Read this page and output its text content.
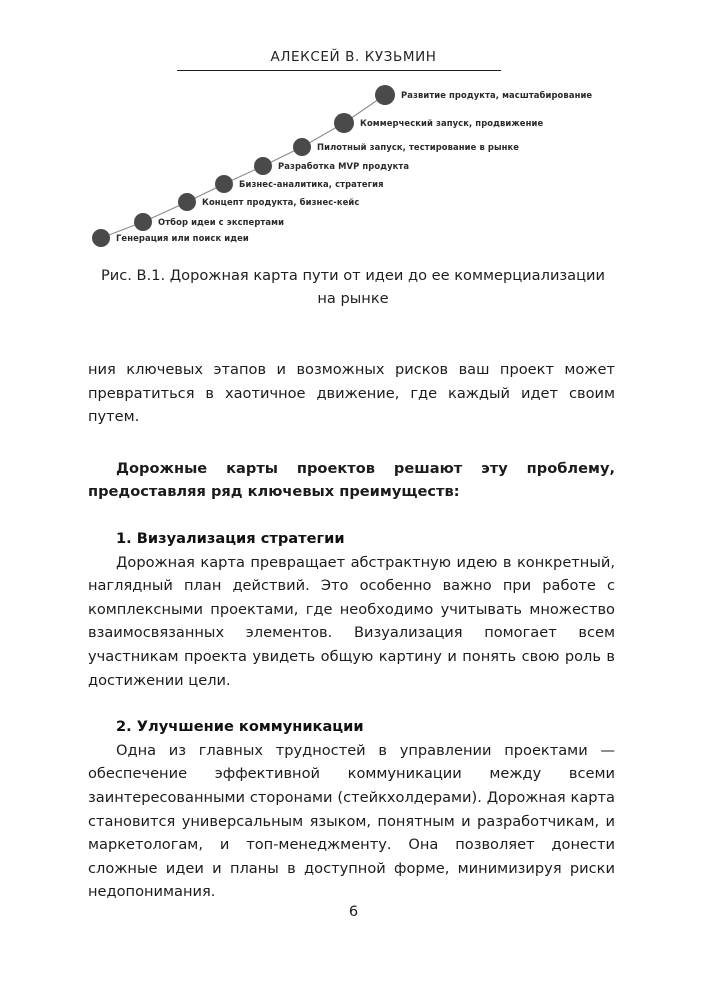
АЛЕКСЕЙ В. КУЗЬМИН
Генерация или поиск идеи
Отбор идеи с экспертами
Концепт продукта, бизнес-кейс
Бизнес-аналитика, стратегия
Разработка MVP продукта
Пилотный запуск, тестирование в рынке
Коммерческий запуск, продвижение
Развитие продукта, масштабирование
Рис. В.1. Дорожная карта пути от идеи до ее коммерциализации
на рынке

ния ключевых этапов и возможных рисков ваш проект может превратиться в хаотичное движение, где каждый идет своим путем.

Дорожные карты проектов решают эту проблему, предоставляя ряд ключевых преимуществ:

1. Визуализация стратегии

Дорожная карта превращает абстрактную идею в конкретный, наглядный план действий. Это особенно важно при работе с комплексными проектами, где необходимо учитывать множество взаимосвязанных элементов. Визуализация помогает всем участникам проекта увидеть общую картину и понять свою роль в достижении цели.

2. Улучшение коммуникации

Одна из главных трудностей в управлении проектами — обеспечение эффективной коммуникации между всеми заинтересованными сторонами (стейкхолдерами). Дорожная карта становится универсальным языком, понятным и разработчикам, и маркетологам, и топ-менеджменту. Она позволяет донести сложные идеи и планы в доступной форме, минимизируя риски недопонимания.

6
